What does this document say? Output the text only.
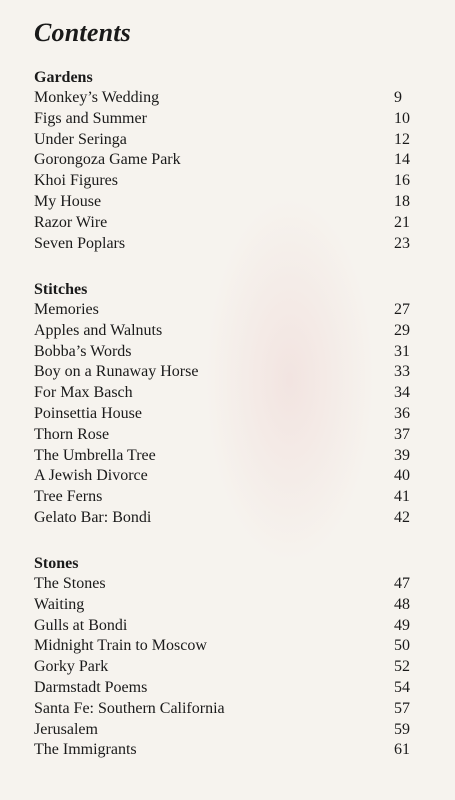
Contents
Gardens
Monkey’s Wedding	9
Figs and Summer	10
Under Seringa	12
Gorongoza Game Park	14
Khoi Figures	16
My House	18
Razor Wire	21
Seven Poplars	23
Stitches
Memories	27
Apples and Walnuts	29
Bobba’s Words	31
Boy on a Runaway Horse	33
For Max Basch	34
Poinsettia House	36
Thorn Rose	37
The Umbrella Tree	39
A Jewish Divorce	40
Tree Ferns	41
Gelato Bar: Bondi	42
Stones
The Stones	47
Waiting	48
Gulls at Bondi	49
Midnight Train to Moscow	50
Gorky Park	52
Darmstadt Poems	54
Santa Fe: Southern California	57
Jerusalem	59
The Immigrants	61
